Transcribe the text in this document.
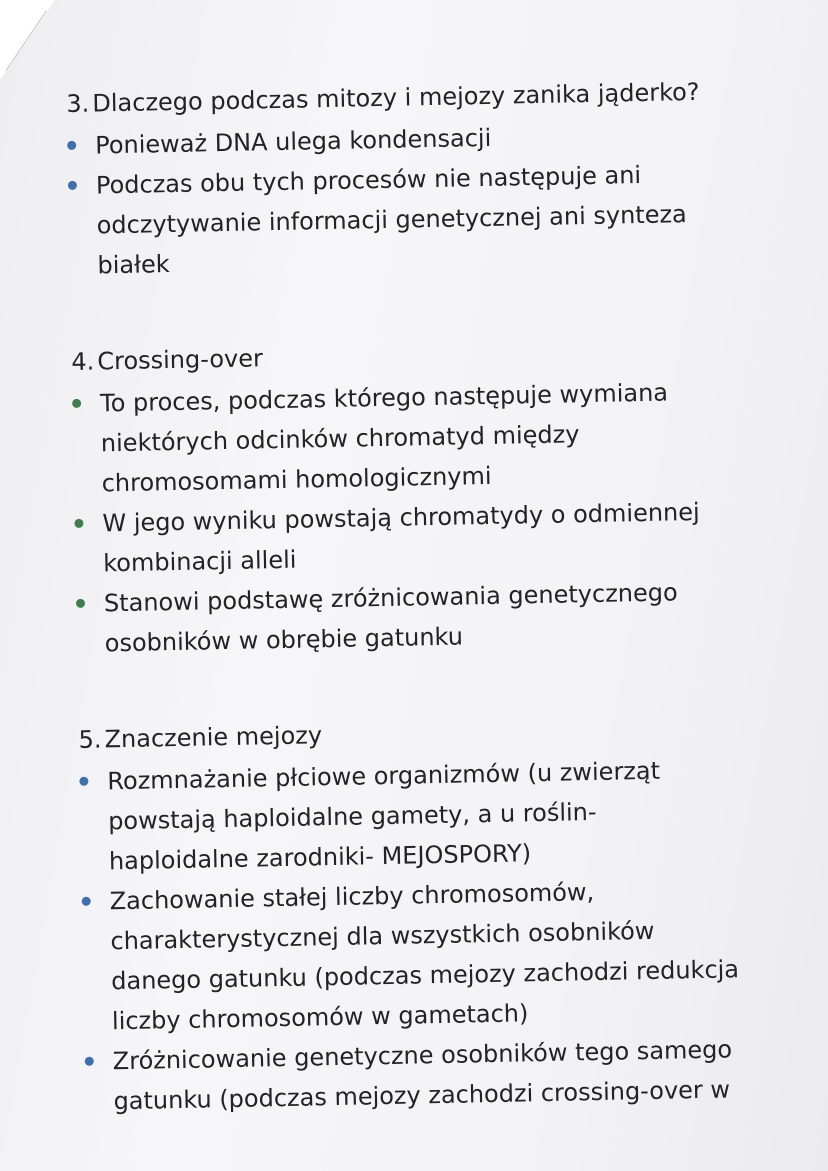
3. Dlaczego podczas mitozy i mejozy zanika jąderko?
Ponieważ DNA ulega kondensacji
Podczas obu tych procesów nie następuje ani
odczytywanie informacji genetycznej ani synteza
białek
4. Crossing-over
To proces, podczas którego następuje wymiana
niektórych odcinków chromatyd między
chromosomami homologicznymi
W jego wyniku powstają chromatydy o odmiennej
kombinacji alleli
Stanowi podstawę zróżnicowania genetycznego
osobników w obrębie gatunku
5. Znaczenie mejozy
Rozmnażanie płciowe organizmów (u zwierząt
powstają haploidalne gamety, a u roślin-
haploidalne zarodniki- MEJOSPORY)
Zachowanie stałej liczby chromosomów,
charakterystycznej dla wszystkich osobników
danego gatunku (podczas mejozy zachodzi redukcja
liczby chromosomów w gametach)
Zróżnicowanie genetyczne osobników tego samego
gatunku (podczas mejozy zachodzi crossing-over w
